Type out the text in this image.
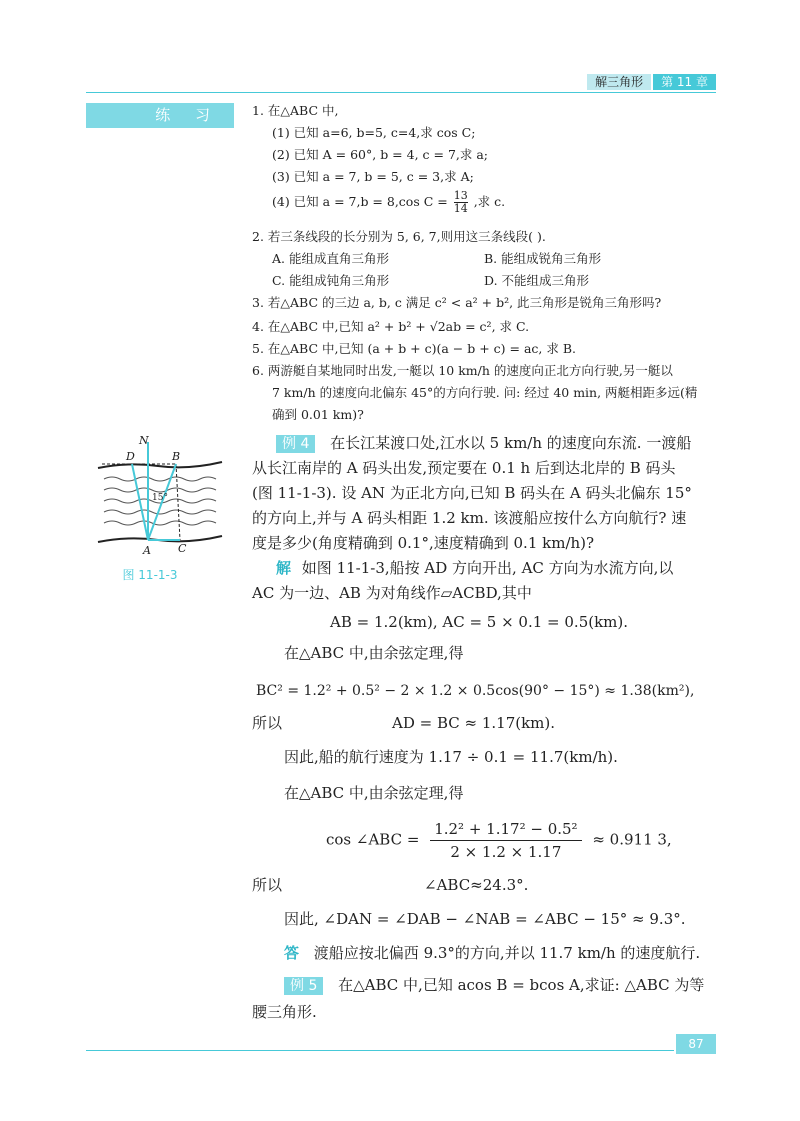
解三角形	第 11 章
练 习	1. 在△ABC 中,
(1) 已知 a=6, b=5, c=4,求 cos C;
(2) 已知 A = 60°, b = 4, c = 7,求 a;
(3) 已知 a = 7, b = 5, c = 3,求 A;
(4) 已知 a = 7,b = 8,cos $C = \frac{13}{14}$ ,求 c.
2. 若三条线段的长分别为 5, 6, 7,则用这三条线段( ).
A. 能组成直角三角形	B. 能组成锐角三角形
C. 能组成钝角三角形	D. 不能组成三角形
3. 若△ABC 的三边 a, b, c 满足 c² < a² + b², 此三角形是锐角三角形吗?
4. 在△ABC 中,已知 a² + b² + √2ab = c², 求 C.
5. 在△ABC 中,已知 (a + b + c)(a − b + c) = ac, 求 B.
6. 两游艇自某地同时出发,一艇以 10 km/h 的速度向正北方向行驶,另一艇以
7 km/h 的速度向北偏东 45°的方向行驶. 问: 经过 40 min, 两艇相距多远(精
确到 0.01 km)?
N
D	B
A C
15°
图 11-1-3
例 4 在长江某渡口处,江水以 5 km/h 的速度向东流. 一渡船
从长江南岸的 A 码头出发,预定要在 0.1 h 后到达北岸的 B 码头
(图 11-1-3). 设 AN 为正北方向,已知 B 码头在 A 码头北偏东 15°
的方向上,并与 A 码头相距 1.2 km. 该渡船应按什么方向航行? 速
度是多少(角度精确到 0.1°,速度精确到 0.1 km/h)?
解 如图 11-1-3,船按 AD 方向开出, AC 方向为水流方向,以
AC 为一边、AB 为对角线作▱ACBD,其中
AB = 1.2(km), AC = 5 × 0.1 = 0.5(km).
在△ABC 中,由余弦定理,得
BC² = 1.2² + 0.5² − 2 × 1.2 × 0.5cos(90° − 15°) ≈ 1.38(km²),
所以	AD = BC ≈ 1.17(km).
因此,船的航行速度为 1.17 ÷ 0.1 = 11.7(km/h).
在△ABC 中,由余弦定理,得
cos ∠ABC = $\frac{\text{1.2² + 1.17² − 0.5²}}{2 \times 1.2 \times 1.17} \approx 0.911$ 3,
所以	∠ABC≈24.3°.
因此, ∠DAN = ∠DAB − ∠NAB = ∠ABC − 15° ≈ 9.3°.
答 渡船应按北偏西 9.3°的方向,并以 11.7 km/h 的速度航行.
例 5 在△ABC 中,已知 acos B = bcos A,求证: △ABC 为等
腰三角形.
87
